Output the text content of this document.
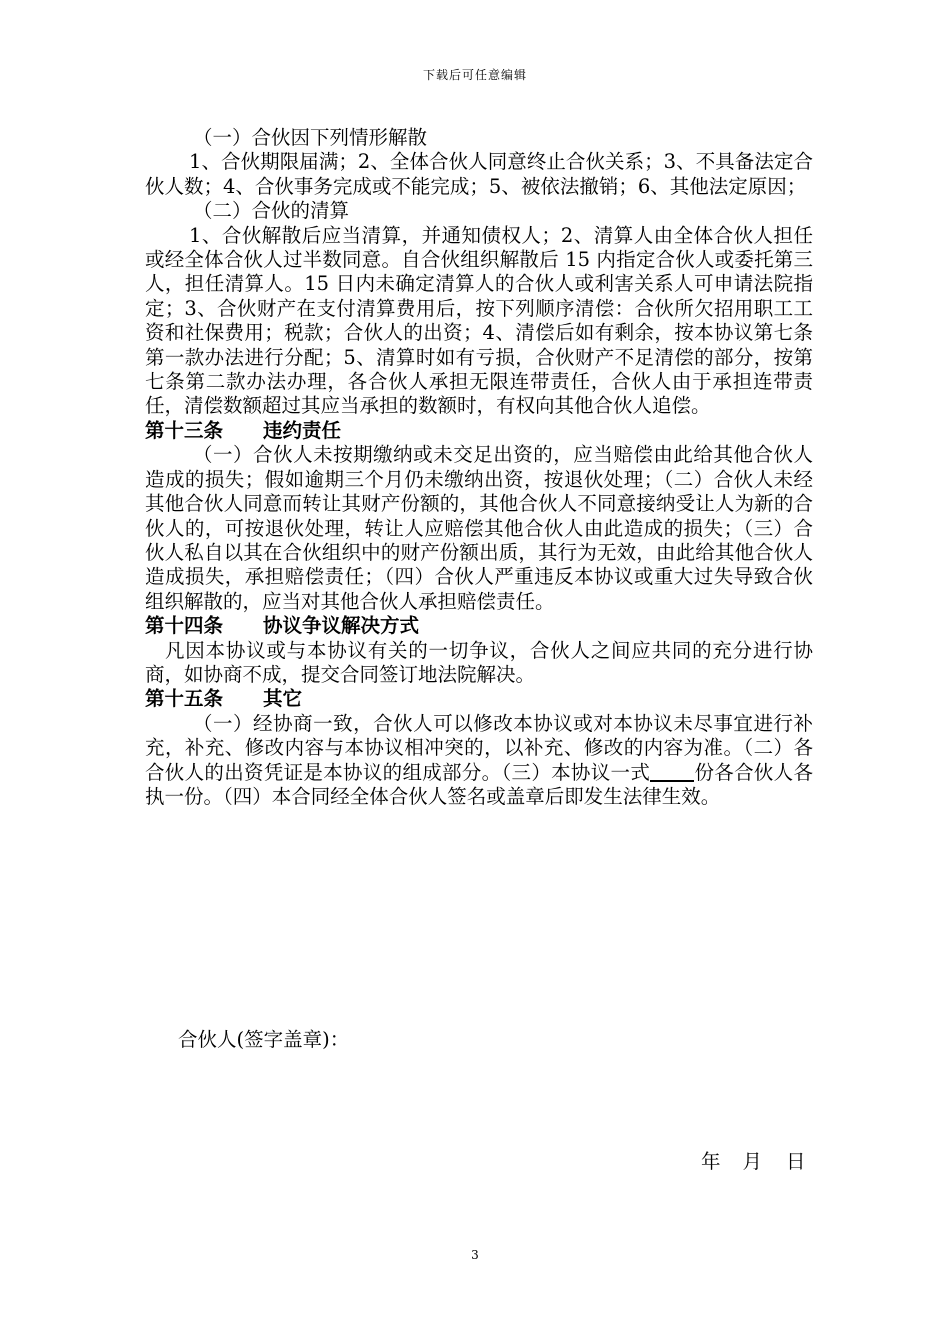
下载后可任意编辑

（一）合伙因下列情形解散

1、合伙期限届满；2、全体合伙人同意终止合伙关系；3、不具备法定合伙人数；4、合伙事务完成或不能完成；5、被依法撤销；6、其他法定原因；

（二）合伙的清算

1、合伙解散后应当清算，并通知债权人；2、清算人由全体合伙人担任或经全体合伙人过半数同意。自合伙组织解散后 15 内指定合伙人或委托第三人，担任清算人。15 日内未确定清算人的合伙人或利害关系人可申请法院指定；3、合伙财产在支付清算费用后，按下列顺序清偿：合伙所欠招用职工工资和社保费用；税款；合伙人的出资；4、清偿后如有剩余，按本协议第七条第一款办法进行分配；5、清算时如有亏损，合伙财产不足清偿的部分，按第七条第二款办法办理，各合伙人承担无限连带责任，合伙人由于承担连带责任，清偿数额超过其应当承担的数额时，有权向其他合伙人追偿。

第十三条 违约责任

（一）合伙人未按期缴纳或未交足出资的，应当赔偿由此给其他合伙人造成的损失；假如逾期三个月仍未缴纳出资，按退伙处理；（二）合伙人未经其他合伙人同意而转让其财产份额的，其他合伙人不同意接纳受让人为新的合伙人的，可按退伙处理，转让人应赔偿其他合伙人由此造成的损失；（三）合伙人私自以其在合伙组织中的财产份额出质，其行为无效，由此给其他合伙人造成损失，承担赔偿责任；（四）合伙人严重违反本协议或重大过失导致合伙组织解散的，应当对其他合伙人承担赔偿责任。

第十四条 协议争议解决方式

凡因本协议或与本协议有关的一切争议，合伙人之间应共同的充分进行协商，如协商不成，提交合同签订地法院解决。

第十五条 其它

（一）经协商一致，合伙人可以修改本协议或对本协议未尽事宜进行补充，补充、修改内容与本协议相冲突的，以补充、修改的内容为准。（二）各合伙人的出资凭证是本协议的组成部分。（三）本协议一式 份各合伙人各执一份。（四）本合同经全体合伙人签名或盖章后即发生法律生效。

合伙人(签字盖章)：
年 月 日
3
